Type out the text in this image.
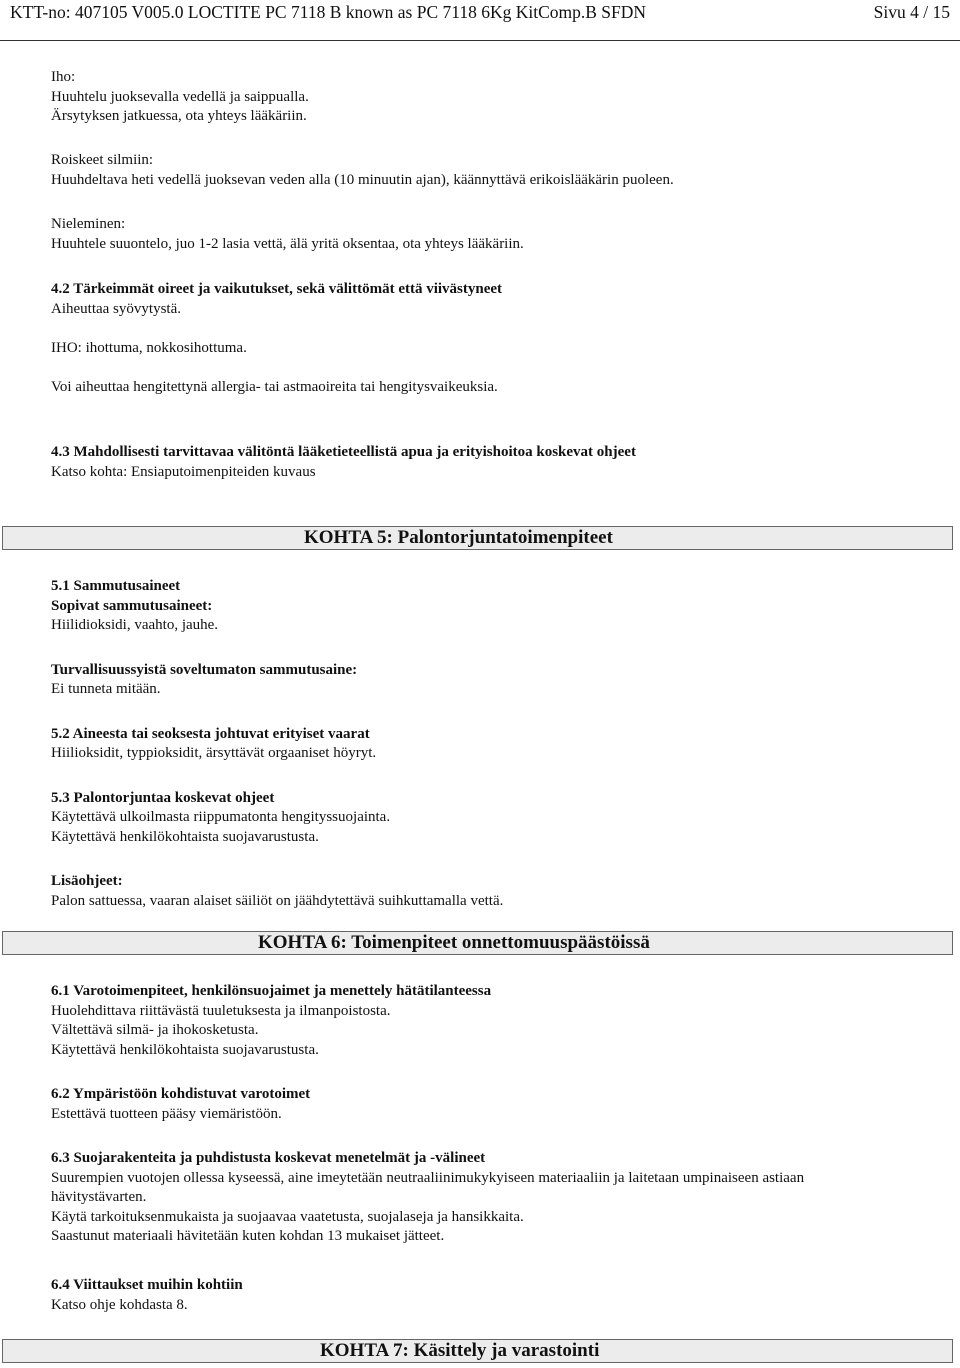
KTT-no: 407105 V005.0 LOCTITE PC 7118 B known as PC 7118 6Kg KitComp.B SFDN	Sivu 4 / 15
Iho:
Huuhtelu juoksevalla vedellä ja saippualla.
Ärsytyksen jatkuessa, ota yhteys lääkäriin.
Roiskeet silmiin:
Huuhdeltava heti vedellä juoksevan veden alla (10 minuutin ajan), käännyttävä erikoislääkärin puoleen.
Nieleminen:
Huuhtele suuontelo, juo 1-2 lasia vettä, älä yritä oksentaa, ota yhteys lääkäriin.
4.2 Tärkeimmät oireet ja vaikutukset, sekä välittömät että viivästyneet
Aiheuttaa syövytystä.
IHO: ihottuma, nokkosihottuma.
Voi aiheuttaa hengitettynä allergia- tai astmaoireita tai hengitysvaikeuksia.
4.3 Mahdollisesti tarvittavaa välitöntä lääketieteellistä apua ja erityishoitoa koskevat ohjeet
Katso kohta: Ensiaputoimenpiteiden kuvaus
KOHTA 5: Palontorjuntatoimenpiteet
5.1 Sammutusaineet
Sopivat sammutusaineet:
Hiilidioksidi, vaahto, jauhe.
Turvallisuussyistä soveltumaton sammutusaine:
Ei tunneta mitään.
5.2 Aineesta tai seoksesta johtuvat erityiset vaarat
Hiilioksidit, typpioksidit, ärsyttävät orgaaniset höyryt.
5.3 Palontorjuntaa koskevat ohjeet
Käytettävä ulkoilmasta riippumatonta hengityssuojainta.
Käytettävä henkilökohtaista suojavarustusta.
Lisäohjeet:
Palon sattuessa, vaaran alaiset säiliöt on jäähdytettävä suihkuttamalla vettä.
KOHTA 6: Toimenpiteet onnettomuuspäästöissä
6.1 Varotoimenpiteet, henkilönsuojaimet ja menettely hätätilanteessa
Huolehdittava riittävästä tuuletuksesta ja ilmanpoistosta.
Vältettävä silmä- ja ihokosketusta.
Käytettävä henkilökohtaista suojavarustusta.
6.2 Ympäristöön kohdistuvat varotoimet
Estettävä tuotteen pääsy viemäristöön.
6.3 Suojarakenteita ja puhdistusta koskevat menetelmät ja -välineet
Suurempien vuotojen ollessa kyseessä, aine imeytetään neutraaliinimukykyiseen materiaaliin ja laitetaan umpinaiseen astiaan
hävitystävarten.
Käytä tarkoituksenmukaista ja suojaavaa vaatetusta, suojalaseja ja hansikkaita.
Saastunut materiaali hävitetään kuten kohdan 13 mukaiset jätteet.
6.4 Viittaukset muihin kohtiin
Katso ohje kohdasta 8.
KOHTA 7: Käsittely ja varastointi
